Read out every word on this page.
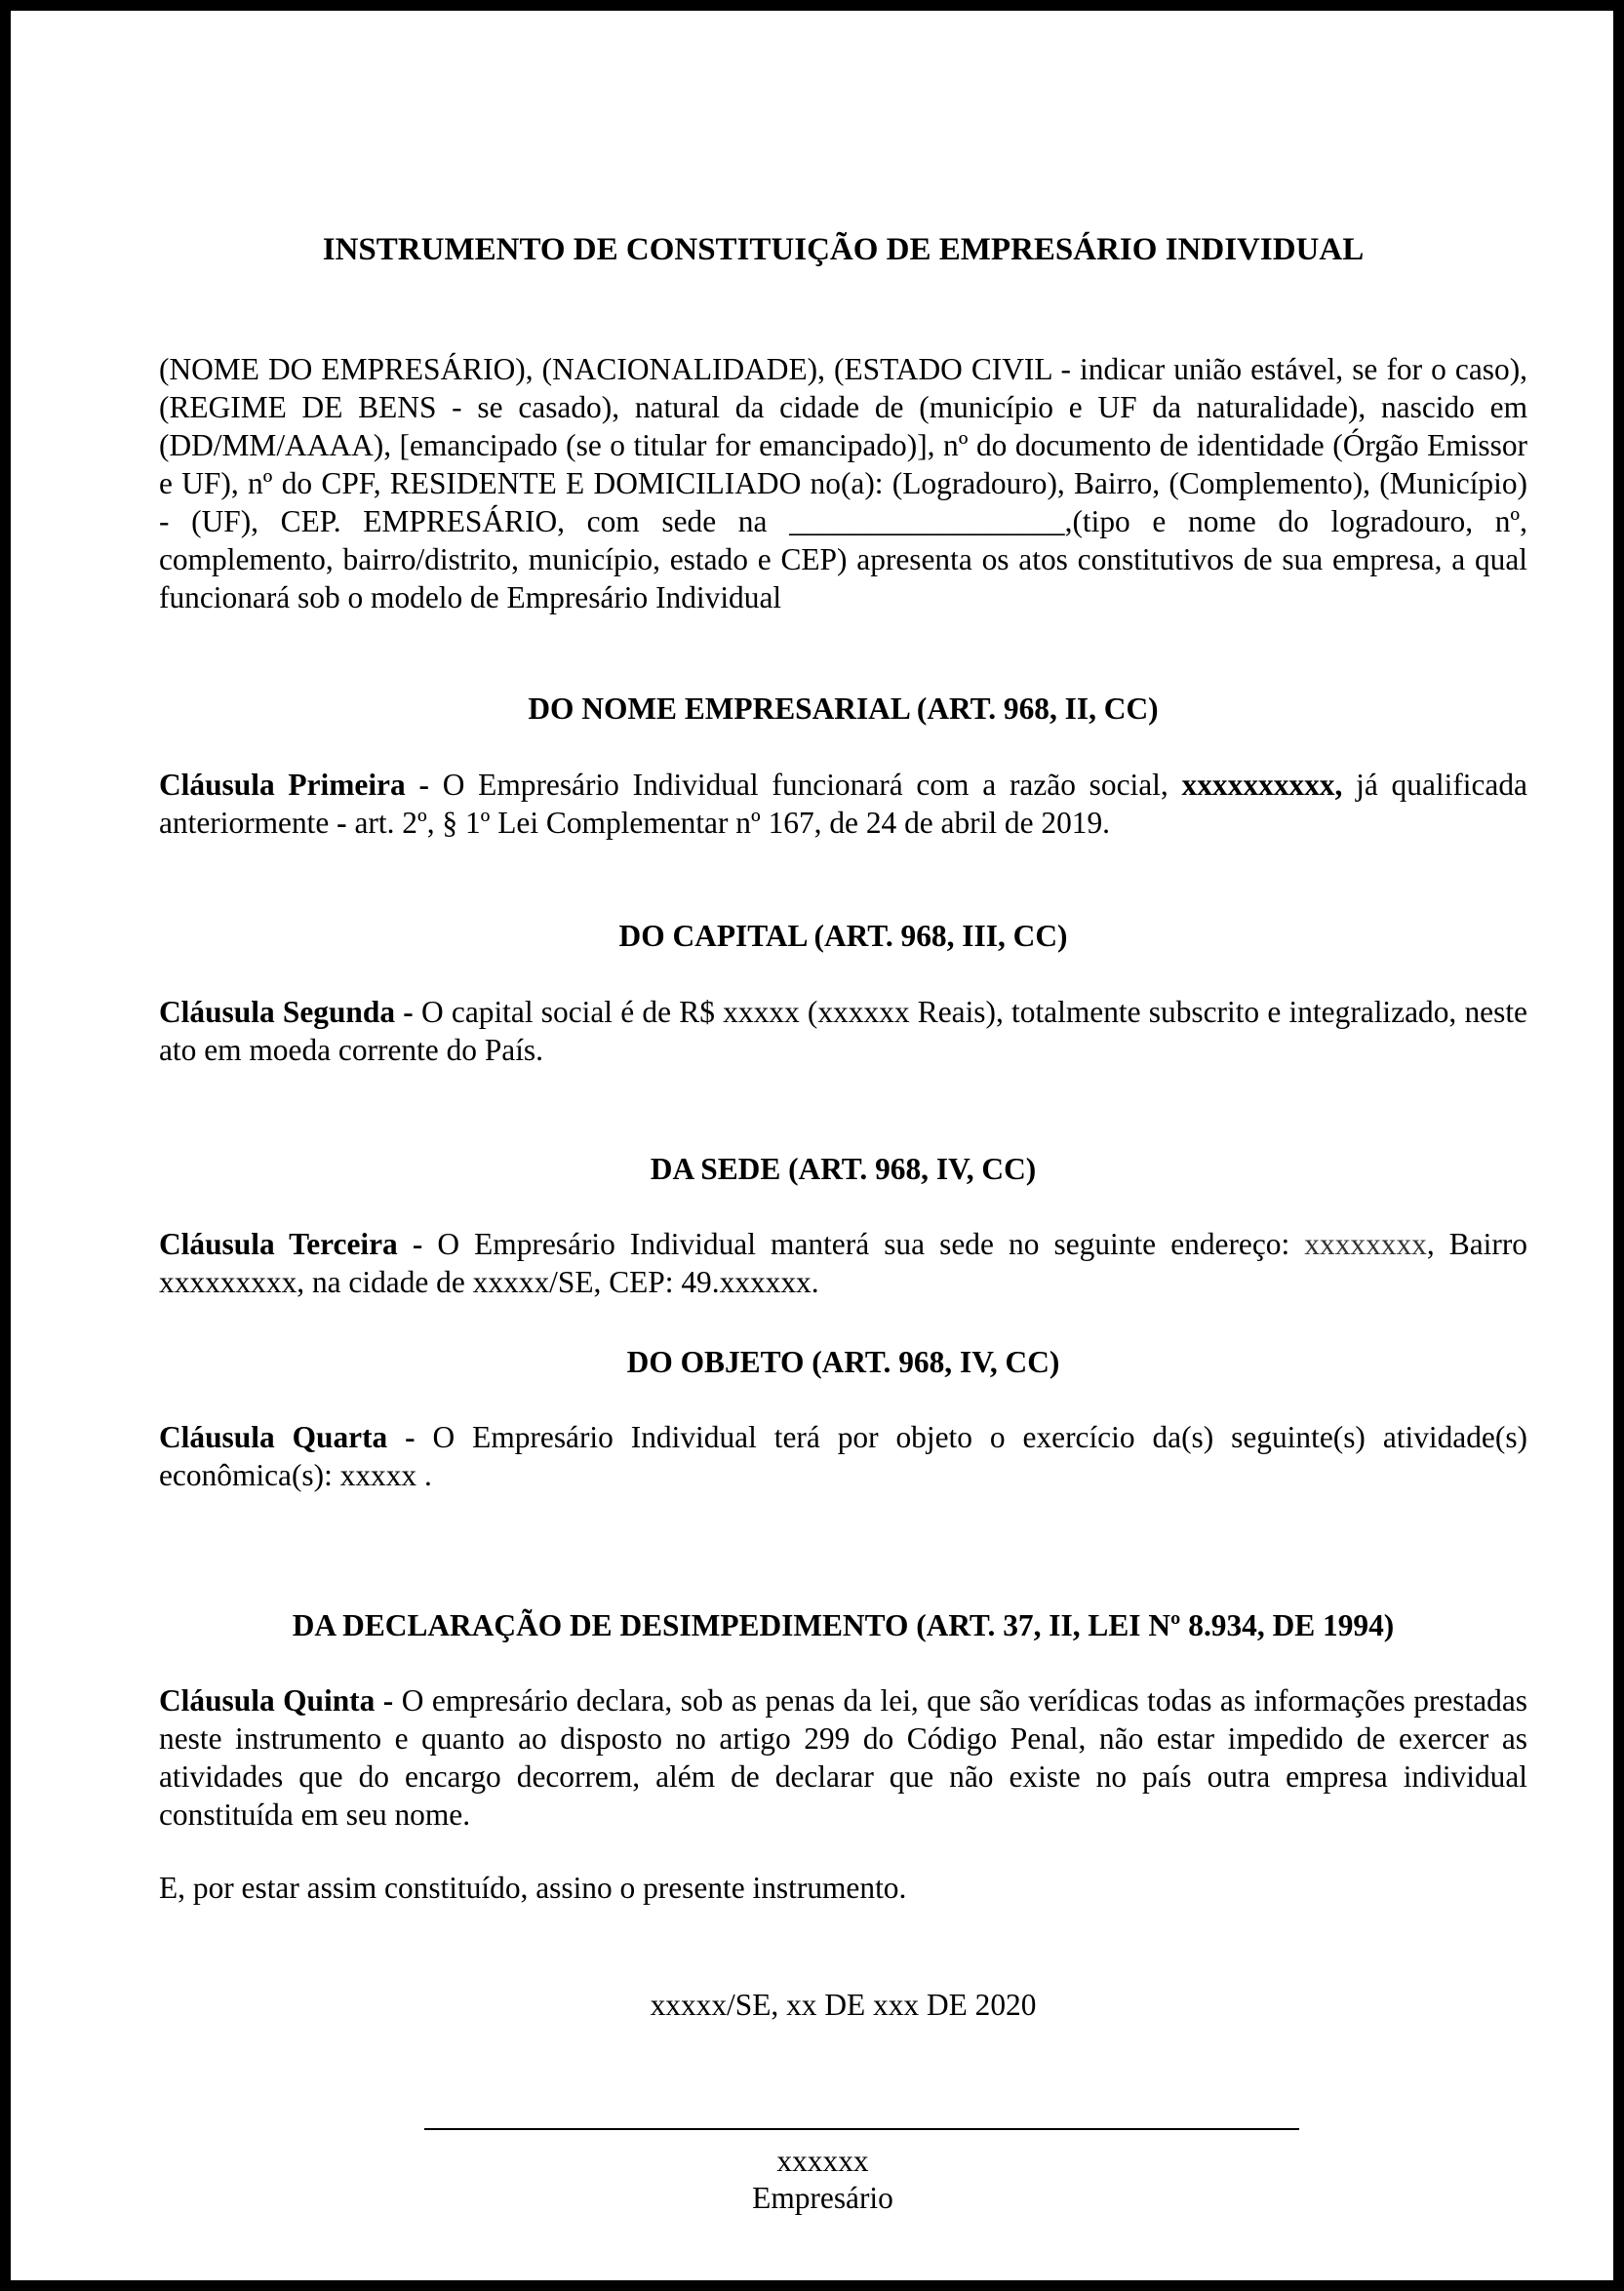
INSTRUMENTO DE CONSTITUIÇÃO DE EMPRESÁRIO INDIVIDUAL
(NOME DO EMPRESÁRIO), (NACIONALIDADE), (ESTADO CIVIL - indicar união estável, se for o caso), (REGIME DE BENS - se casado), natural da cidade de (município e UF da naturalidade), nascido em (DD/MM/AAAA), [emancipado (se o titular for emancipado)], nº do documento de identidade (Órgão Emissor e UF), nº do CPF, RESIDENTE E DOMICILIADO no(a): (Logradouro), Bairro, (Complemento), (Município) - (UF), CEP. EMPRESÁRIO, com sede na __________________,(tipo e nome do logradouro, nº, complemento, bairro/distrito, município, estado e CEP) apresenta os atos constitutivos de sua empresa, a qual funcionará sob o modelo de Empresário Individual
DO NOME EMPRESARIAL (ART. 968, II, CC)
Cláusula Primeira - O Empresário Individual funcionará com a razão social, xxxxxxxxxx, já qualificada anteriormente - art. 2º, § 1º Lei Complementar nº 167, de 24 de abril de 2019.
DO CAPITAL (ART. 968, III, CC)
Cláusula Segunda - O capital social é de R$ xxxxx (xxxxxx Reais), totalmente subscrito e integralizado, neste ato em moeda corrente do País.
DA SEDE (ART. 968, IV, CC)
Cláusula Terceira - O Empresário Individual manterá sua sede no seguinte endereço: xxxxxxxx, Bairro xxxxxxxxx, na cidade de xxxxx/SE, CEP: 49.xxxxxx.
DO OBJETO (ART. 968, IV, CC)
Cláusula Quarta - O Empresário Individual terá por objeto o exercício da(s) seguinte(s) atividade(s) econômica(s): xxxxx .
DA DECLARAÇÃO DE DESIMPEDIMENTO (ART. 37, II, LEI Nº 8.934, DE 1994)
Cláusula Quinta - O empresário declara, sob as penas da lei, que são verídicas todas as informações prestadas neste instrumento e quanto ao disposto no artigo 299 do Código Penal, não estar impedido de exercer as atividades que do encargo decorrem, além de declarar que não existe no país outra empresa individual constituída em seu nome.
E, por estar assim constituído, assino o presente instrumento.
xxxxx/SE, xx DE xxx DE 2020
xxxxxx
Empresário
